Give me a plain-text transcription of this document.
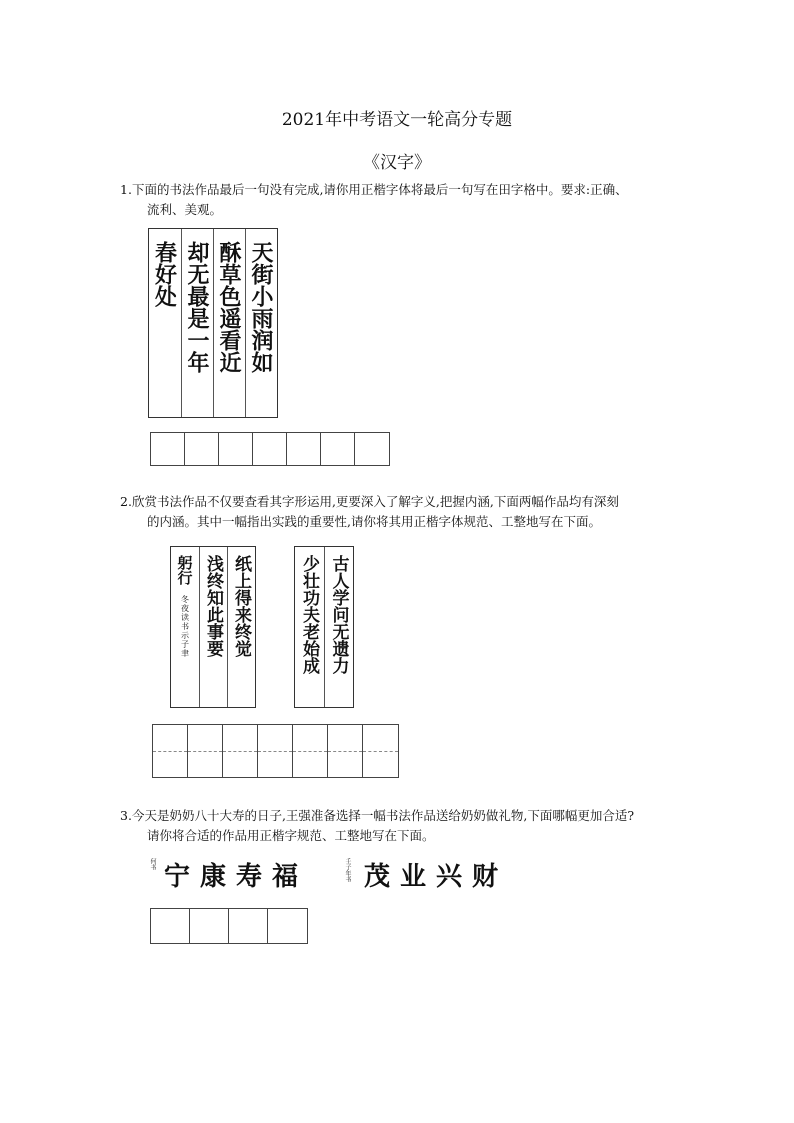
2021年中考语文一轮高分专题
《汉字》
1.下面的书法作品最后一句没有完成,请你用正楷字体将最后一句写在田字格中。要求:正确、
流利、美观。
春好处 却无最是一年 酥草色遥看近 天街小雨润如
2.欣赏书法作品不仅要查看其字形运用,更要深入了解字义,把握内涵,下面两幅作品均有深刻
的内涵。其中一幅指出实践的重要性,请你将其用正楷字体规范、工整地写在下面。
躬行
冬夜读书示子聿 浅终知此事要 纸上得来终觉	少壮功夫老始成 古人学问无遗力
3.今天是奶奶八十大寿的日子,王强准备选择一幅书法作品送给奶奶做礼物,下面哪幅更加合适?
请你将合适的作品用正楷字规范、工整地写在下面。
何书 宁康寿福	壬子年书 茂业兴财
